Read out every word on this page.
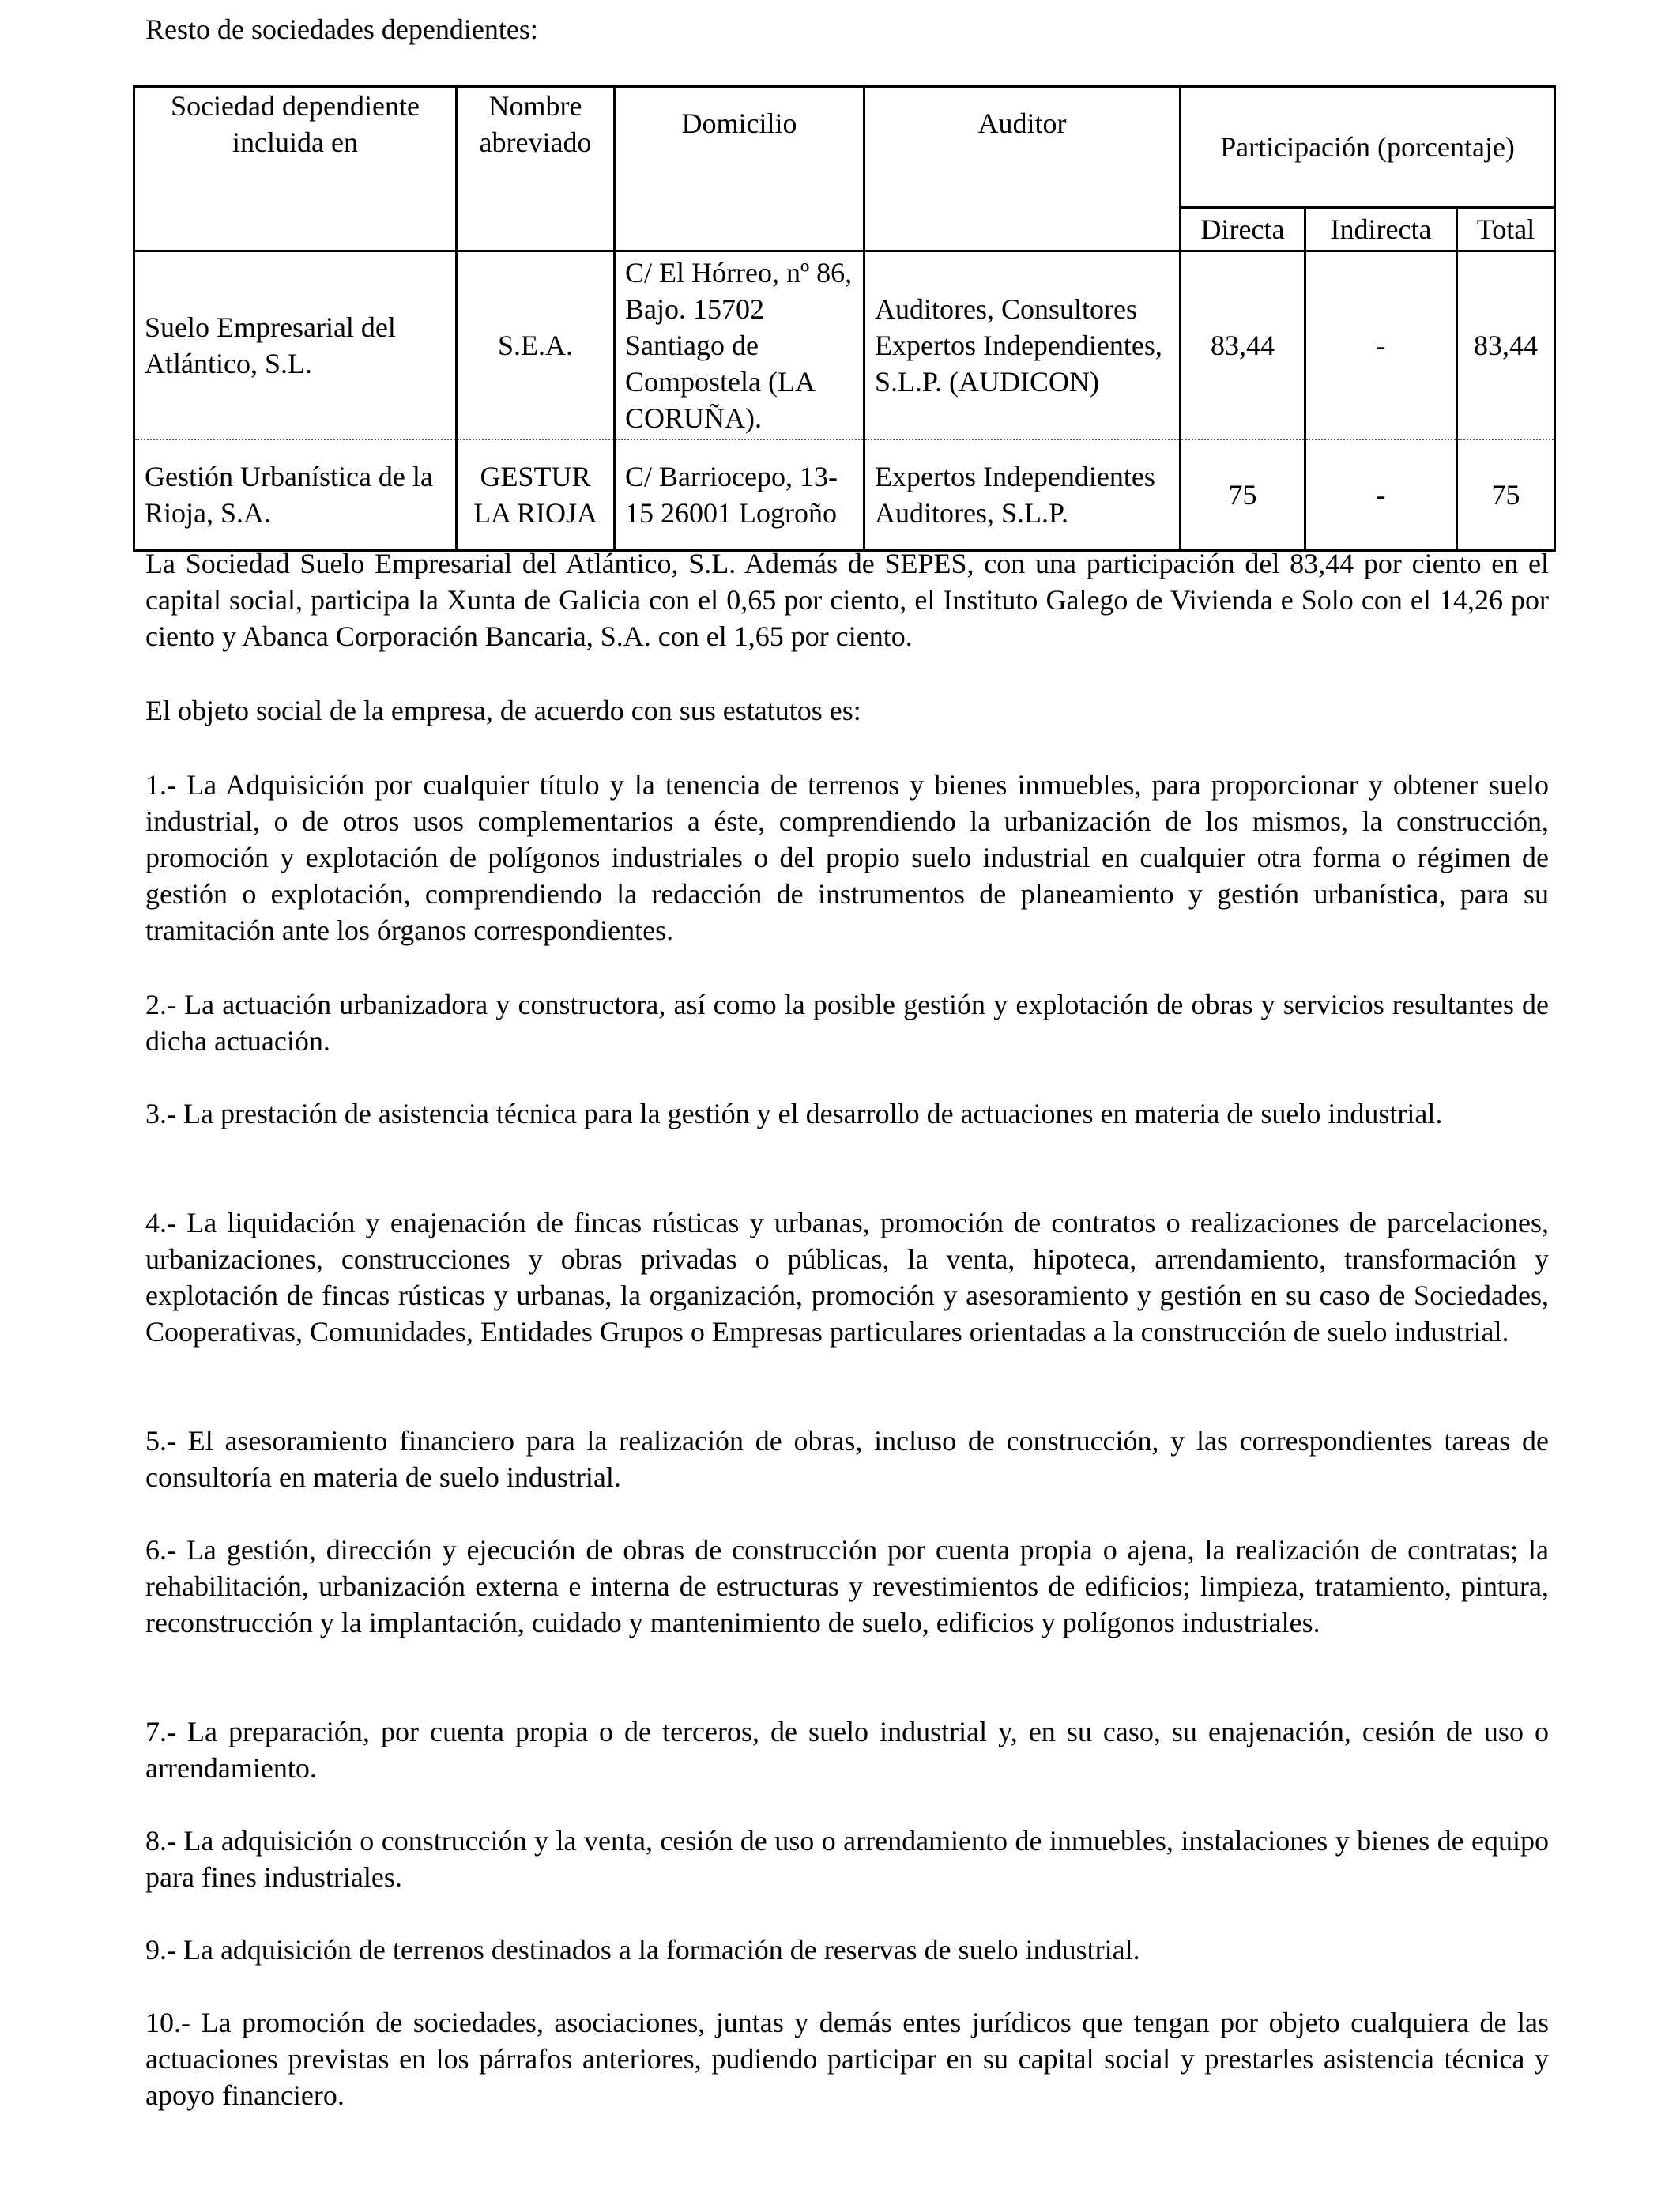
Resto de sociedades dependientes:
Sociedad dependiente incluida en	Nombre abreviado	Domicilio	Auditor	Participación (porcentaje)		
				Directa	Indirecta	Total
Suelo Empresarial del Atlántico, S.L.	S.E.A.	C/ El Hórreo, nº 86, Bajo. 15702 Santiago de Compostela (LA CORUÑA).	Auditores, Consultores Expertos Independientes, S.L.P. (AUDICON)	83,44	-	83,44
Gestión Urbanística de la Rioja, S.A.	GESTUR LA RIOJA	C/ Barriocepo, 13-15 26001 Logroño	Expertos Independientes Auditores, S.L.P.	75	-	75

La Sociedad Suelo Empresarial del Atlántico, S.L. Además de SEPES, con una participación del 83,44 por ciento en el capital social, participa la Xunta de Galicia con el 0,65 por ciento, el Instituto Galego de Vivienda e Solo con el 14,26 por ciento y Abanca Corporación Bancaria, S.A. con el 1,65 por ciento.

El objeto social de la empresa, de acuerdo con sus estatutos es:

1.- La Adquisición por cualquier título y la tenencia de terrenos y bienes inmuebles, para proporcionar y obtener suelo industrial, o de otros usos complementarios a éste, comprendiendo la urbanización de los mismos, la construcción, promoción y explotación de polígonos industriales o del propio suelo industrial en cualquier otra forma o régimen de gestión o explotación, comprendiendo la redacción de instrumentos de planeamiento y gestión urbanística, para su tramitación ante los órganos correspondientes.

2.- La actuación urbanizadora y constructora, así como la posible gestión y explotación de obras y servicios resultantes de dicha actuación.

3.- La prestación de asistencia técnica para la gestión y el desarrollo de actuaciones en materia de suelo industrial.

4.- La liquidación y enajenación de fincas rústicas y urbanas, promoción de contratos o realizaciones de parcelaciones, urbanizaciones, construcciones y obras privadas o públicas, la venta, hipoteca, arrendamiento, transformación y explotación de fincas rústicas y urbanas, la organización, promoción y asesoramiento y gestión en su caso de Sociedades, Cooperativas, Comunidades, Entidades Grupos o Empresas particulares orientadas a la construcción de suelo industrial.

5.- El asesoramiento financiero para la realización de obras, incluso de construcción, y las correspondientes tareas de consultoría en materia de suelo industrial.

6.- La gestión, dirección y ejecución de obras de construcción por cuenta propia o ajena, la realización de contratas; la rehabilitación, urbanización externa e interna de estructuras y revestimientos de edificios; limpieza, tratamiento, pintura, reconstrucción y la implantación, cuidado y mantenimiento de suelo, edificios y polígonos industriales.

7.- La preparación, por cuenta propia o de terceros, de suelo industrial y, en su caso, su enajenación, cesión de uso o arrendamiento.

8.- La adquisición o construcción y la venta, cesión de uso o arrendamiento de inmuebles, instalaciones y bienes de equipo para fines industriales.

9.- La adquisición de terrenos destinados a la formación de reservas de suelo industrial.

10.- La promoción de sociedades, asociaciones, juntas y demás entes jurídicos que tengan por objeto cualquiera de las actuaciones previstas en los párrafos anteriores, pudiendo participar en su capital social y prestarles asistencia técnica y apoyo financiero.
